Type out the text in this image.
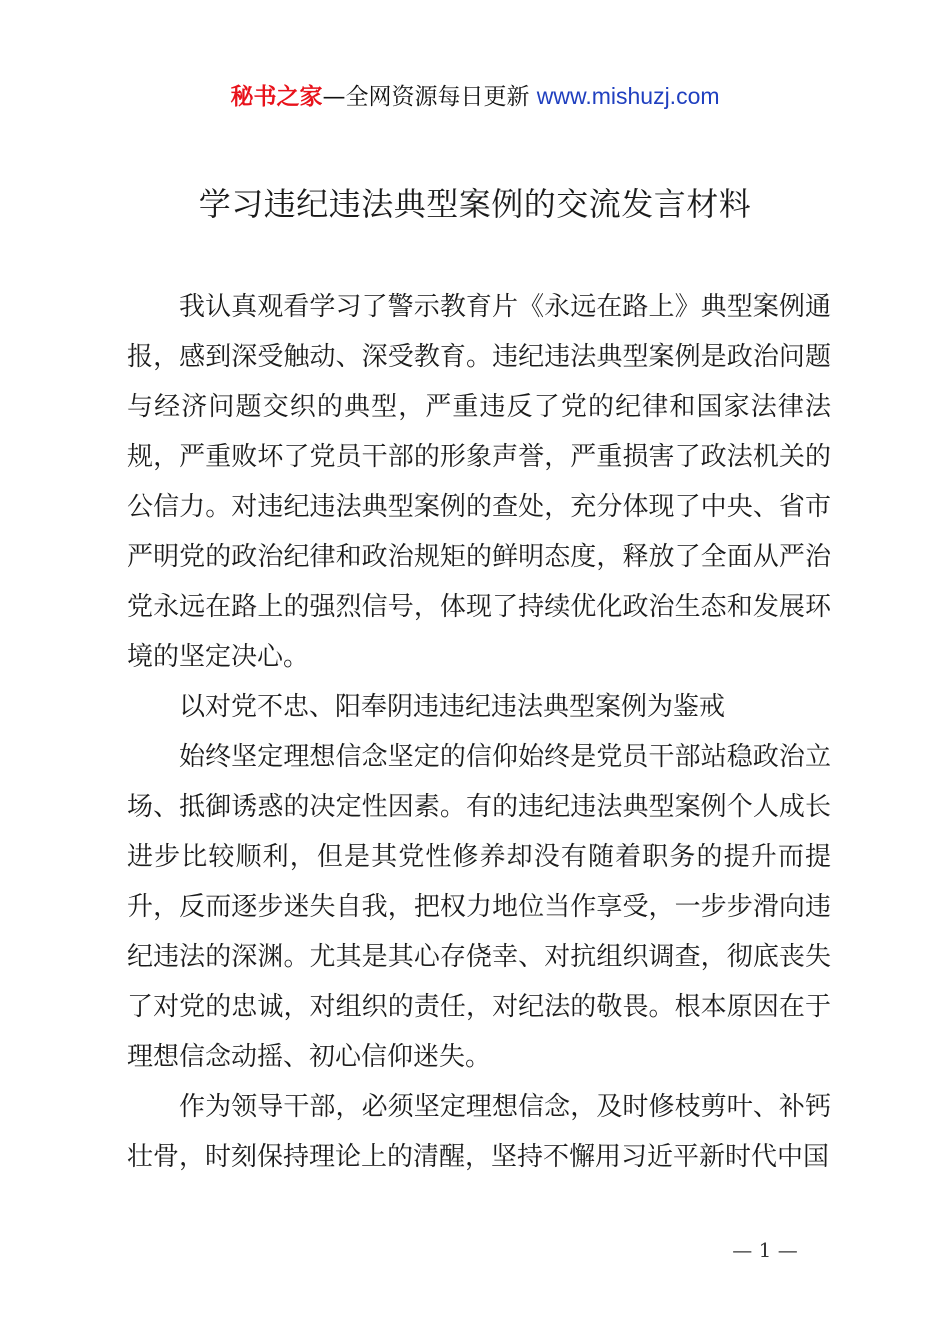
秘书之家—全网资源每日更新 www.mishuzj.com
学习违纪违法典型案例的交流发言材料

我认真观看学习了警示教育片《永远在路上》典型案例通报，感到深受触动、深受教育。违纪违法典型案例是政治问题与经济问题交织的典型，严重违反了党的纪律和国家法律法规，严重败坏了党员干部的形象声誉，严重损害了政法机关的公信力。对违纪违法典型案例的查处，充分体现了中央、省市严明党的政治纪律和政治规矩的鲜明态度，释放了全面从严治党永远在路上的强烈信号，体现了持续优化政治生态和发展环境的坚定决心。

以对党不忠、阳奉阴违违纪违法典型案例为鉴戒

始终坚定理想信念坚定的信仰始终是党员干部站稳政治立场、抵御诱惑的决定性因素。有的违纪违法典型案例个人成长进步比较顺利，但是其党性修养却没有随着职务的提升而提升，反而逐步迷失自我，把权力地位当作享受，一步步滑向违纪违法的深渊。尤其是其心存侥幸、对抗组织调查，彻底丧失了对党的忠诚，对组织的责任，对纪法的敬畏。根本原因在于理想信念动摇、初心信仰迷失。

作为领导干部，必须坚定理想信念，及时修枝剪叶、补钙壮骨，时刻保持理论上的清醒，坚持不懈用习近平新时代中国

— 1 —
